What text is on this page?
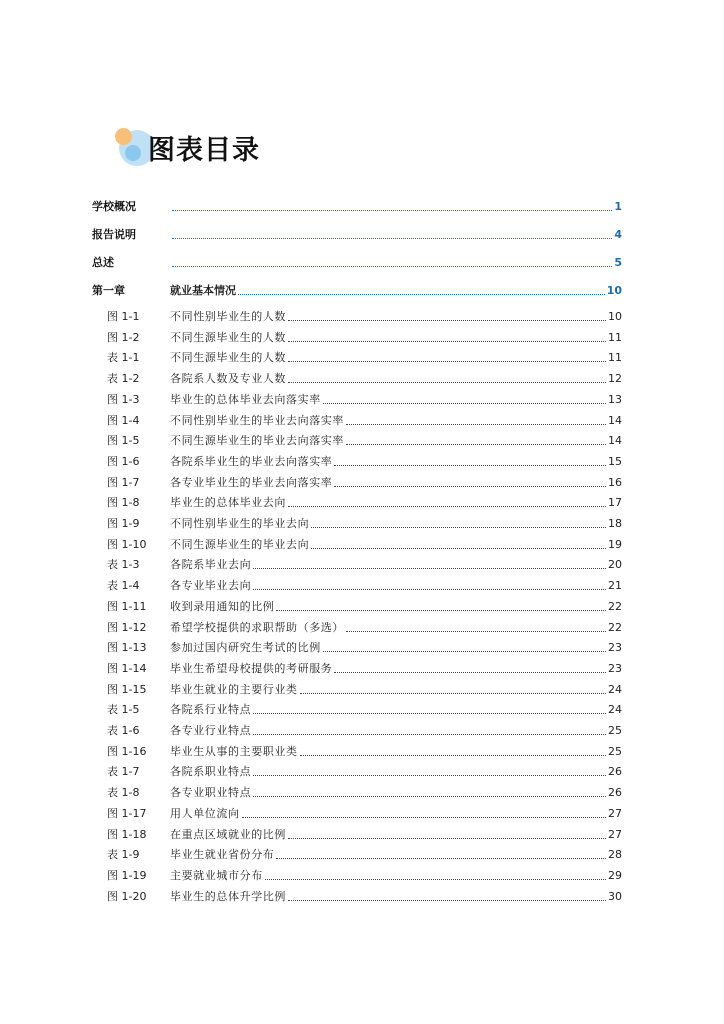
图表目录
学校概况	1
报告说明	4
总述	5
第一章	就业基本情况	10
图 1-1	不同性别毕业生的人数	10
图 1-2	不同生源毕业生的人数	11
表 1-1	不同生源毕业生的人数	11
表 1-2	各院系人数及专业人数	12
图 1-3	毕业生的总体毕业去向落实率	13
图 1-4	不同性别毕业生的毕业去向落实率	14
图 1-5	不同生源毕业生的毕业去向落实率	14
图 1-6	各院系毕业生的毕业去向落实率	15
图 1-7	各专业毕业生的毕业去向落实率	16
图 1-8	毕业生的总体毕业去向	17
图 1-9	不同性别毕业生的毕业去向	18
图 1-10	不同生源毕业生的毕业去向	19
表 1-3	各院系毕业去向	20
表 1-4	各专业毕业去向	21
图 1-11	收到录用通知的比例	22
图 1-12	希望学校提供的求职帮助（多选）	22
图 1-13	参加过国内研究生考试的比例	23
图 1-14	毕业生希望母校提供的考研服务	23
图 1-15	毕业生就业的主要行业类	24
表 1-5	各院系行业特点	24
表 1-6	各专业行业特点	25
图 1-16	毕业生从事的主要职业类	25
表 1-7	各院系职业特点	26
表 1-8	各专业职业特点	26
图 1-17	用人单位流向	27
图 1-18	在重点区域就业的比例	27
表 1-9	毕业生就业省份分布	28
图 1-19	主要就业城市分布	29
图 1-20	毕业生的总体升学比例	30
